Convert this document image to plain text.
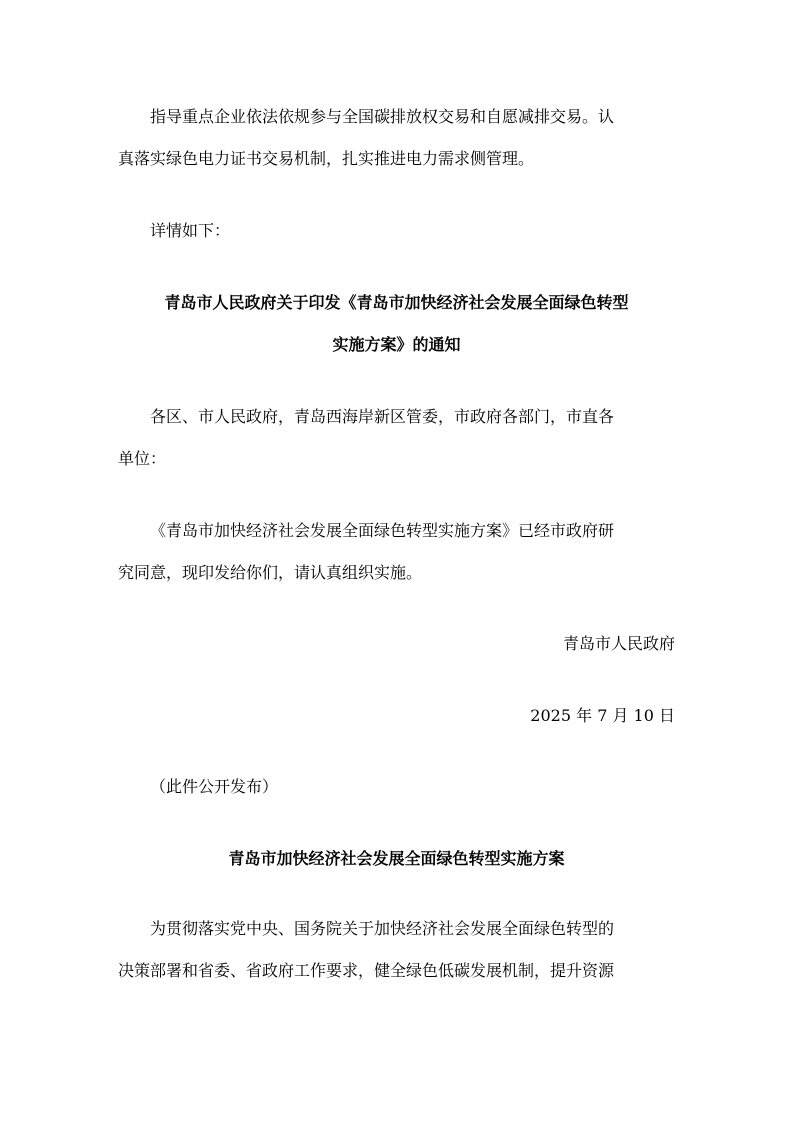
指导重点企业依法依规参与全国碳排放权交易和自愿减排交易。认
真落实绿色电力证书交易机制，扎实推进电力需求侧管理。
详情如下：
青岛市人民政府关于印发《青岛市加快经济社会发展全面绿色转型
实施方案》的通知
各区、市人民政府，青岛西海岸新区管委，市政府各部门，市直各
单位：
《青岛市加快经济社会发展全面绿色转型实施方案》已经市政府研
究同意，现印发给你们，请认真组织实施。
青岛市人民政府
2025 年 7 月 10 日
（此件公开发布）
青岛市加快经济社会发展全面绿色转型实施方案
为贯彻落实党中央、国务院关于加快经济社会发展全面绿色转型的
决策部署和省委、省政府工作要求，健全绿色低碳发展机制，提升资源
